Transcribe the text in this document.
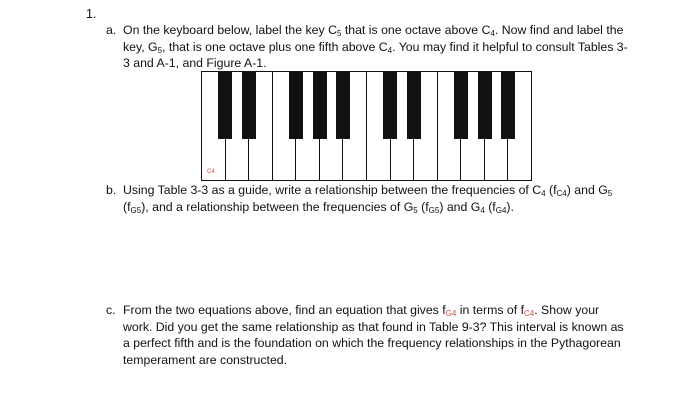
1.
a. On the keyboard below, label the key $C_5$ that is one octave above $C_4$. Now find and label the key, $G_5$, that is one octave plus one fifth above $C_4$. You may find it helpful to consult Tables 3-3 and A-1, and Figure A-1.
C4
b. Using Table 3-3 as a guide, write a relationship between the frequencies of $C_4$ $(f_{C4})$ and $G_5$ $(f_{G5})$, and a relationship between the frequencies of $G_5$ $(f_{G5})$ and $G_4$ $(f_{G4})$.
c. From the two equations above, find an equation that gives $f_{G4}$ in terms of $f_{C4}$. Show your work. Did you get the same relationship as that found in Table 9-3? This interval is known as a perfect fifth and is the foundation on which the frequency relationships in the Pythagorean temperament are constructed.
